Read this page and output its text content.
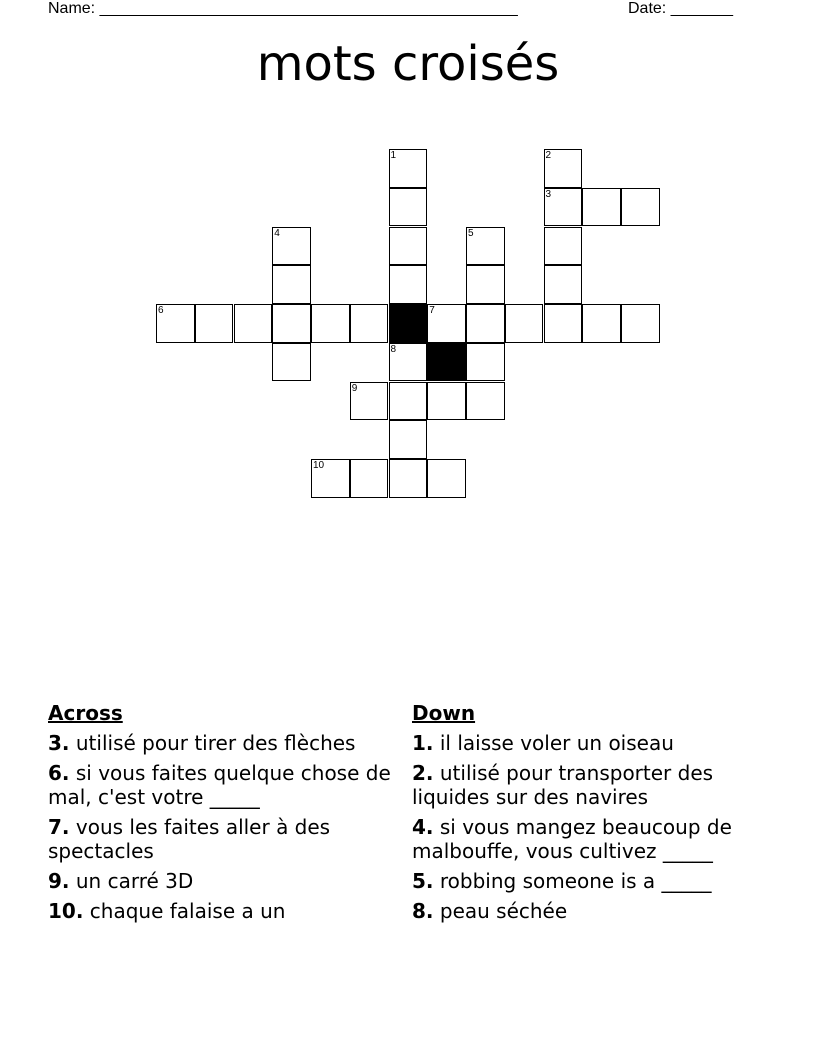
Name: _______________________________________________	Date: _______
mots croisés
1	2
3
4	5
6	7
8
9
10
Across
3. utilisé pour tirer des flèches
6. si vous faites quelque chose de mal, c'est votre _____
7. vous les faites aller à des spectacles
9. un carré 3D
10. chaque falaise a un
Down
1. il laisse voler un oiseau
2. utilisé pour transporter des liquides sur des navires
4. si vous mangez beaucoup de malbouffe, vous cultivez _____
5. robbing someone is a _____
8. peau séchée
